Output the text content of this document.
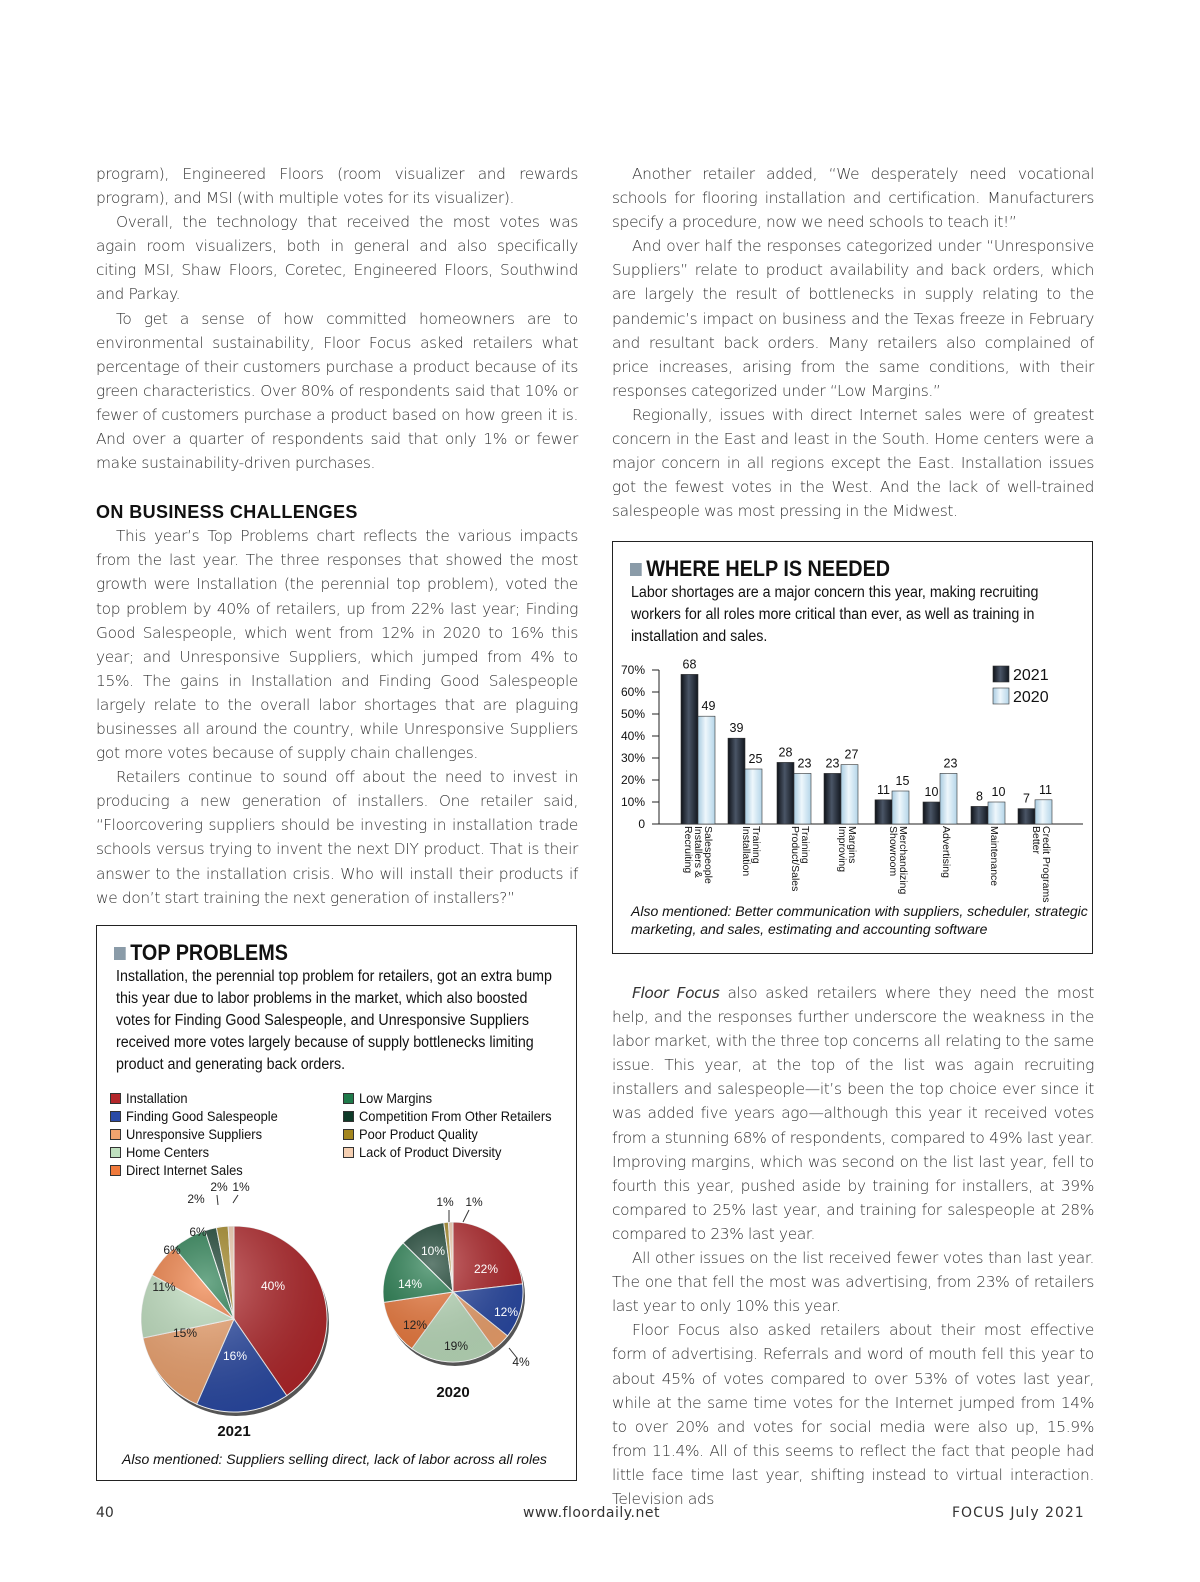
program), Engineered Floors (room visualizer and rewards program), and MSI (with multiple votes for its visualizer).

Overall, the technology that received the most votes was again room visualizers, both in general and also specifically citing MSI, Shaw Floors, Coretec, Engineered Floors, Southwind and Parkay.

To get a sense of how committed homeowners are to environmental sustainability, Floor Focus asked retailers what percentage of their customers purchase a product because of its green characteristics. Over 80% of respondents said that 10% or fewer of customers purchase a product based on how green it is. And over a quarter of respondents said that only 1% or fewer make sustainability-driven purchases.

ON BUSINESS CHALLENGES

This year’s Top Problems chart reflects the various impacts from the last year. The three responses that showed the most growth were Installation (the perennial top problem), voted the top problem by 40% of retailers, up from 22% last year; Finding Good Salespeople, which went from 12% in 2020 to 16% this year; and Unresponsive Suppliers, which jumped from 4% to 15%. The gains in Installation and Finding Good Salespeople largely relate to the overall labor shortages that are plaguing businesses all around the country, while Unresponsive Suppliers got more votes because of supply chain challenges.

Retailers continue to sound off about the need to invest in producing a new generation of installers. One retailer said, “Floorcovering suppliers should be investing in installation trade schools versus trying to invent the next DIY product. That is their answer to the installation crisis. Who will install their products if we don’t start training the next generation of installers?”

Another retailer added, “We desperately need vocational schools for flooring installation and certification. Manufacturers specify a procedure, now we need schools to teach it!”

And over half the responses categorized under “Unresponsive Suppliers” relate to product availability and back orders, which are largely the result of bottlenecks in supply relating to the pandemic’s impact on business and the Texas freeze in February and resultant back orders. Many retailers also complained of price increases, arising from the same conditions, with their responses categorized under “Low Margins.”

Regionally, issues with direct Internet sales were of greatest concern in the East and least in the South. Home centers were a major concern in all regions except the East. Installation issues got the fewest votes in the West. And the lack of well-trained salespeople was most pressing in the Midwest.

Floor Focus also asked retailers where they need the most help, and the responses further underscore the weakness in the labor market, with the three top concerns all relating to the same issue. This year, at the top of the list was again recruiting installers and salespeople—it’s been the top choice ever since it was added five years ago—although this year it received votes from a stunning 68% of respondents, compared to 49% last year. Improving margins, which was second on the list last year, fell to fourth this year, pushed aside by training for installers, at 39% compared to 25% last year, and training for salespeople at 28% compared to 23% last year.

All other issues on the list received fewer votes than last year. The one that fell the most was advertising, from 23% of retailers last year to only 10% this year.

Floor Focus also asked retailers about their most effective form of advertising. Referrals and word of mouth fell this year to about 45% of votes compared to over 53% of votes last year, while at the same time votes for the Internet jumped from 14% to over 20% and votes for social media were also up, 15.9% from 11.4%. All of this seems to reflect the fact that people had little face time last year, shifting instead to virtual interaction. Television ads

WHERE HELP IS NEEDED
Labor shortages are a major concern this year, making recruiting workers for all roles more critical than ever, as well as training in installation and sales.
0
10%
20%
30%
40%
50%
60%
70%	68
49
Recruiting
Installers &
Salespeople
39
25
Installation
Training
28
23
Product/Sales
Training
23
27
Improving
Margins
11
15
Showroom
Merchandizing
10
23
Advertising
8 10
Maintenance
7
11
Better
Credit Programs
2021
2020
Also mentioned: Better communication with suppliers, scheduler, strategic marketing, and sales, estimating and accounting software
TOP PROBLEMS
Installation, the perennial top problem for retailers, got an extra bump this year due to labor problems in the market, which also boosted votes for Finding Good Salespeople, and Unresponsive Suppliers received more votes largely because of supply bottlenecks limiting product and generating back orders.
Installation
Finding Good Salespeople
Unresponsive Suppliers
Home Centers
Direct Internet Sales
Low Margins
Competition From Other Retailers
Poor Product Quality
Lack of Product Diversity
40%
16%
15%
11%
6%
6%
2%
2% 1%
2021
22%
12%
4%
19%
12%
14%
10%
1% 1%
2020
Also mentioned: Suppliers selling direct, lack of labor across all roles
40	www.floordaily.net	FOCUS July 2021
